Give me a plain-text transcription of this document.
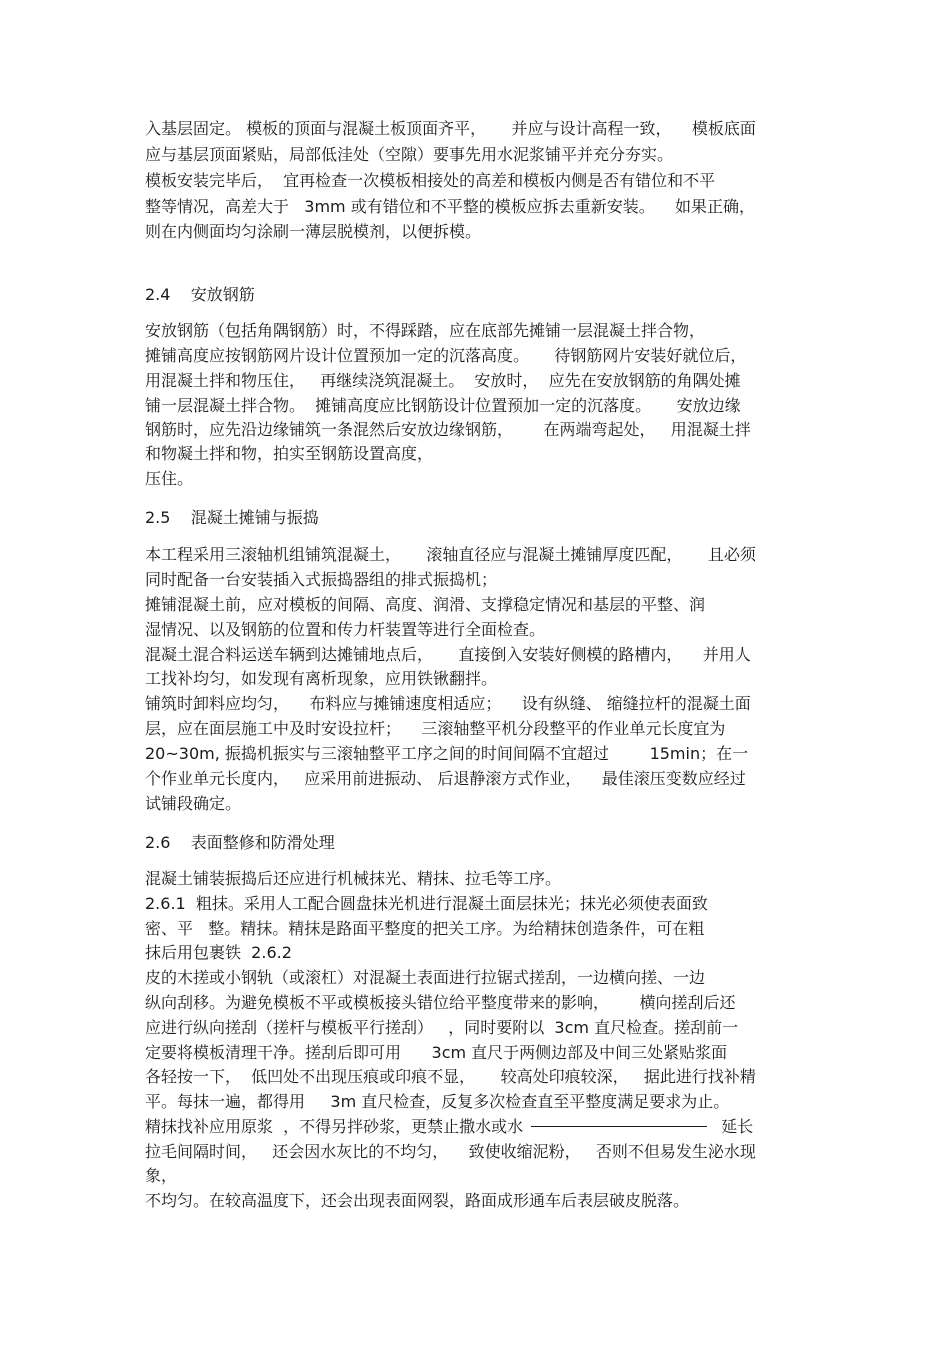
入基层固定。 模板的顶面与混凝土板顶面齐平，     并应与设计高程一致，    模板底面
应与基层顶面紧贴，局部低洼处（空隙）要事先用水泥浆铺平并充分夯实。
模板安装完毕后，  宜再检查一次模板相接处的高差和模板内侧是否有错位和不平
整等情况，高差大于   3mm 或有错位和不平整的模板应拆去重新安装。    如果正确，
则在内侧面均匀涂刷一薄层脱模剂，以便拆模。
2.4    安放钢筋
安放钢筋（包括角隅钢筋）时，不得踩踏，应在底部先摊铺一层混凝土拌合物，
摊铺高度应按钢筋网片设计位置预加一定的沉落高度。     待钢筋网片安装好就位后，
用混凝土拌和物压住，   再继续浇筑混凝土。  安放时，  应先在安放钢筋的角隅处摊
铺一层混凝土拌合物。  摊铺高度应比钢筋设计位置预加一定的沉落度。     安放边缘
钢筋时，应先沿边缘铺筑一条混然后安放边缘钢筋，      在两端弯起处，   用混凝土拌
和物凝土拌和物，拍实至钢筋设置高度，
压住。
2.5    混凝土摊铺与振捣
本工程采用三滚轴机组铺筑混凝土，     滚轴直径应与混凝土摊铺厚度匹配，     且必须
同时配备一台安装插入式振捣器组的排式振捣机；
摊铺混凝土前，应对模板的间隔、高度、润滑、支撑稳定情况和基层的平整、润
湿情况、以及钢筋的位置和传力杆装置等进行全面检查。
混凝土混合料运送车辆到达摊铺地点后，     直接倒入安装好侧模的路槽内，    并用人
工找补均匀，如发现有离析现象，应用铁锹翻拌。
铺筑时卸料应均匀，    布料应与摊铺速度相适应；    设有纵缝、 缩缝拉杆的混凝土面
层，应在面层施工中及时安设拉杆；    三滚轴整平机分段整平的作业单元长度宜为
20~30m, 振捣机振实与三滚轴整平工序之间的时间间隔不宜超过        15min；在一
个作业单元长度内，   应采用前进振动、 后退静滚方式作业，    最佳滚压变数应经过
试铺段确定。
2.6    表面整修和防滑处理
混凝土铺装振捣后还应进行机械抹光、精抹、拉毛等工序。
2.6.1  粗抹。采用人工配合圆盘抹光机进行混凝土面层抹光；抹光必须使表面致
密、平   整。精抹。精抹是路面平整度的把关工序。为给精抹创造条件，可在粗
抹后用包裹铁  2.6.2
皮的木搓或小钢轨（或滚杠）对混凝土表面进行拉锯式搓刮，一边横向搓、一边
纵向刮移。为避免模板不平或模板接头错位给平整度带来的影响，      横向搓刮后还
应进行纵向搓刮（搓杆与模板平行搓刮）   ，同时要附以  3cm 直尺检查。搓刮前一
定要将模板清理干净。搓刮后即可用      3cm 直尺于两侧边部及中间三处紧贴浆面
各轻按一下，  低凹处不出现压痕或印痕不显，     较高处印痕较深，   据此进行找补精
平。每抹一遍，都得用     3m 直尺检查，反复多次检查直至平整度满足要求为止。
精抹找补应用原浆  ，不得另拌砂浆，更禁止撒水或水	延长
拉毛间隔时间，   还会因水灰比的不均匀，    致使收缩泥粉，   否则不但易发生泌水现
象，
不均匀。在较高温度下，还会出现表面网裂，路面成形通车后表层破皮脱落。
